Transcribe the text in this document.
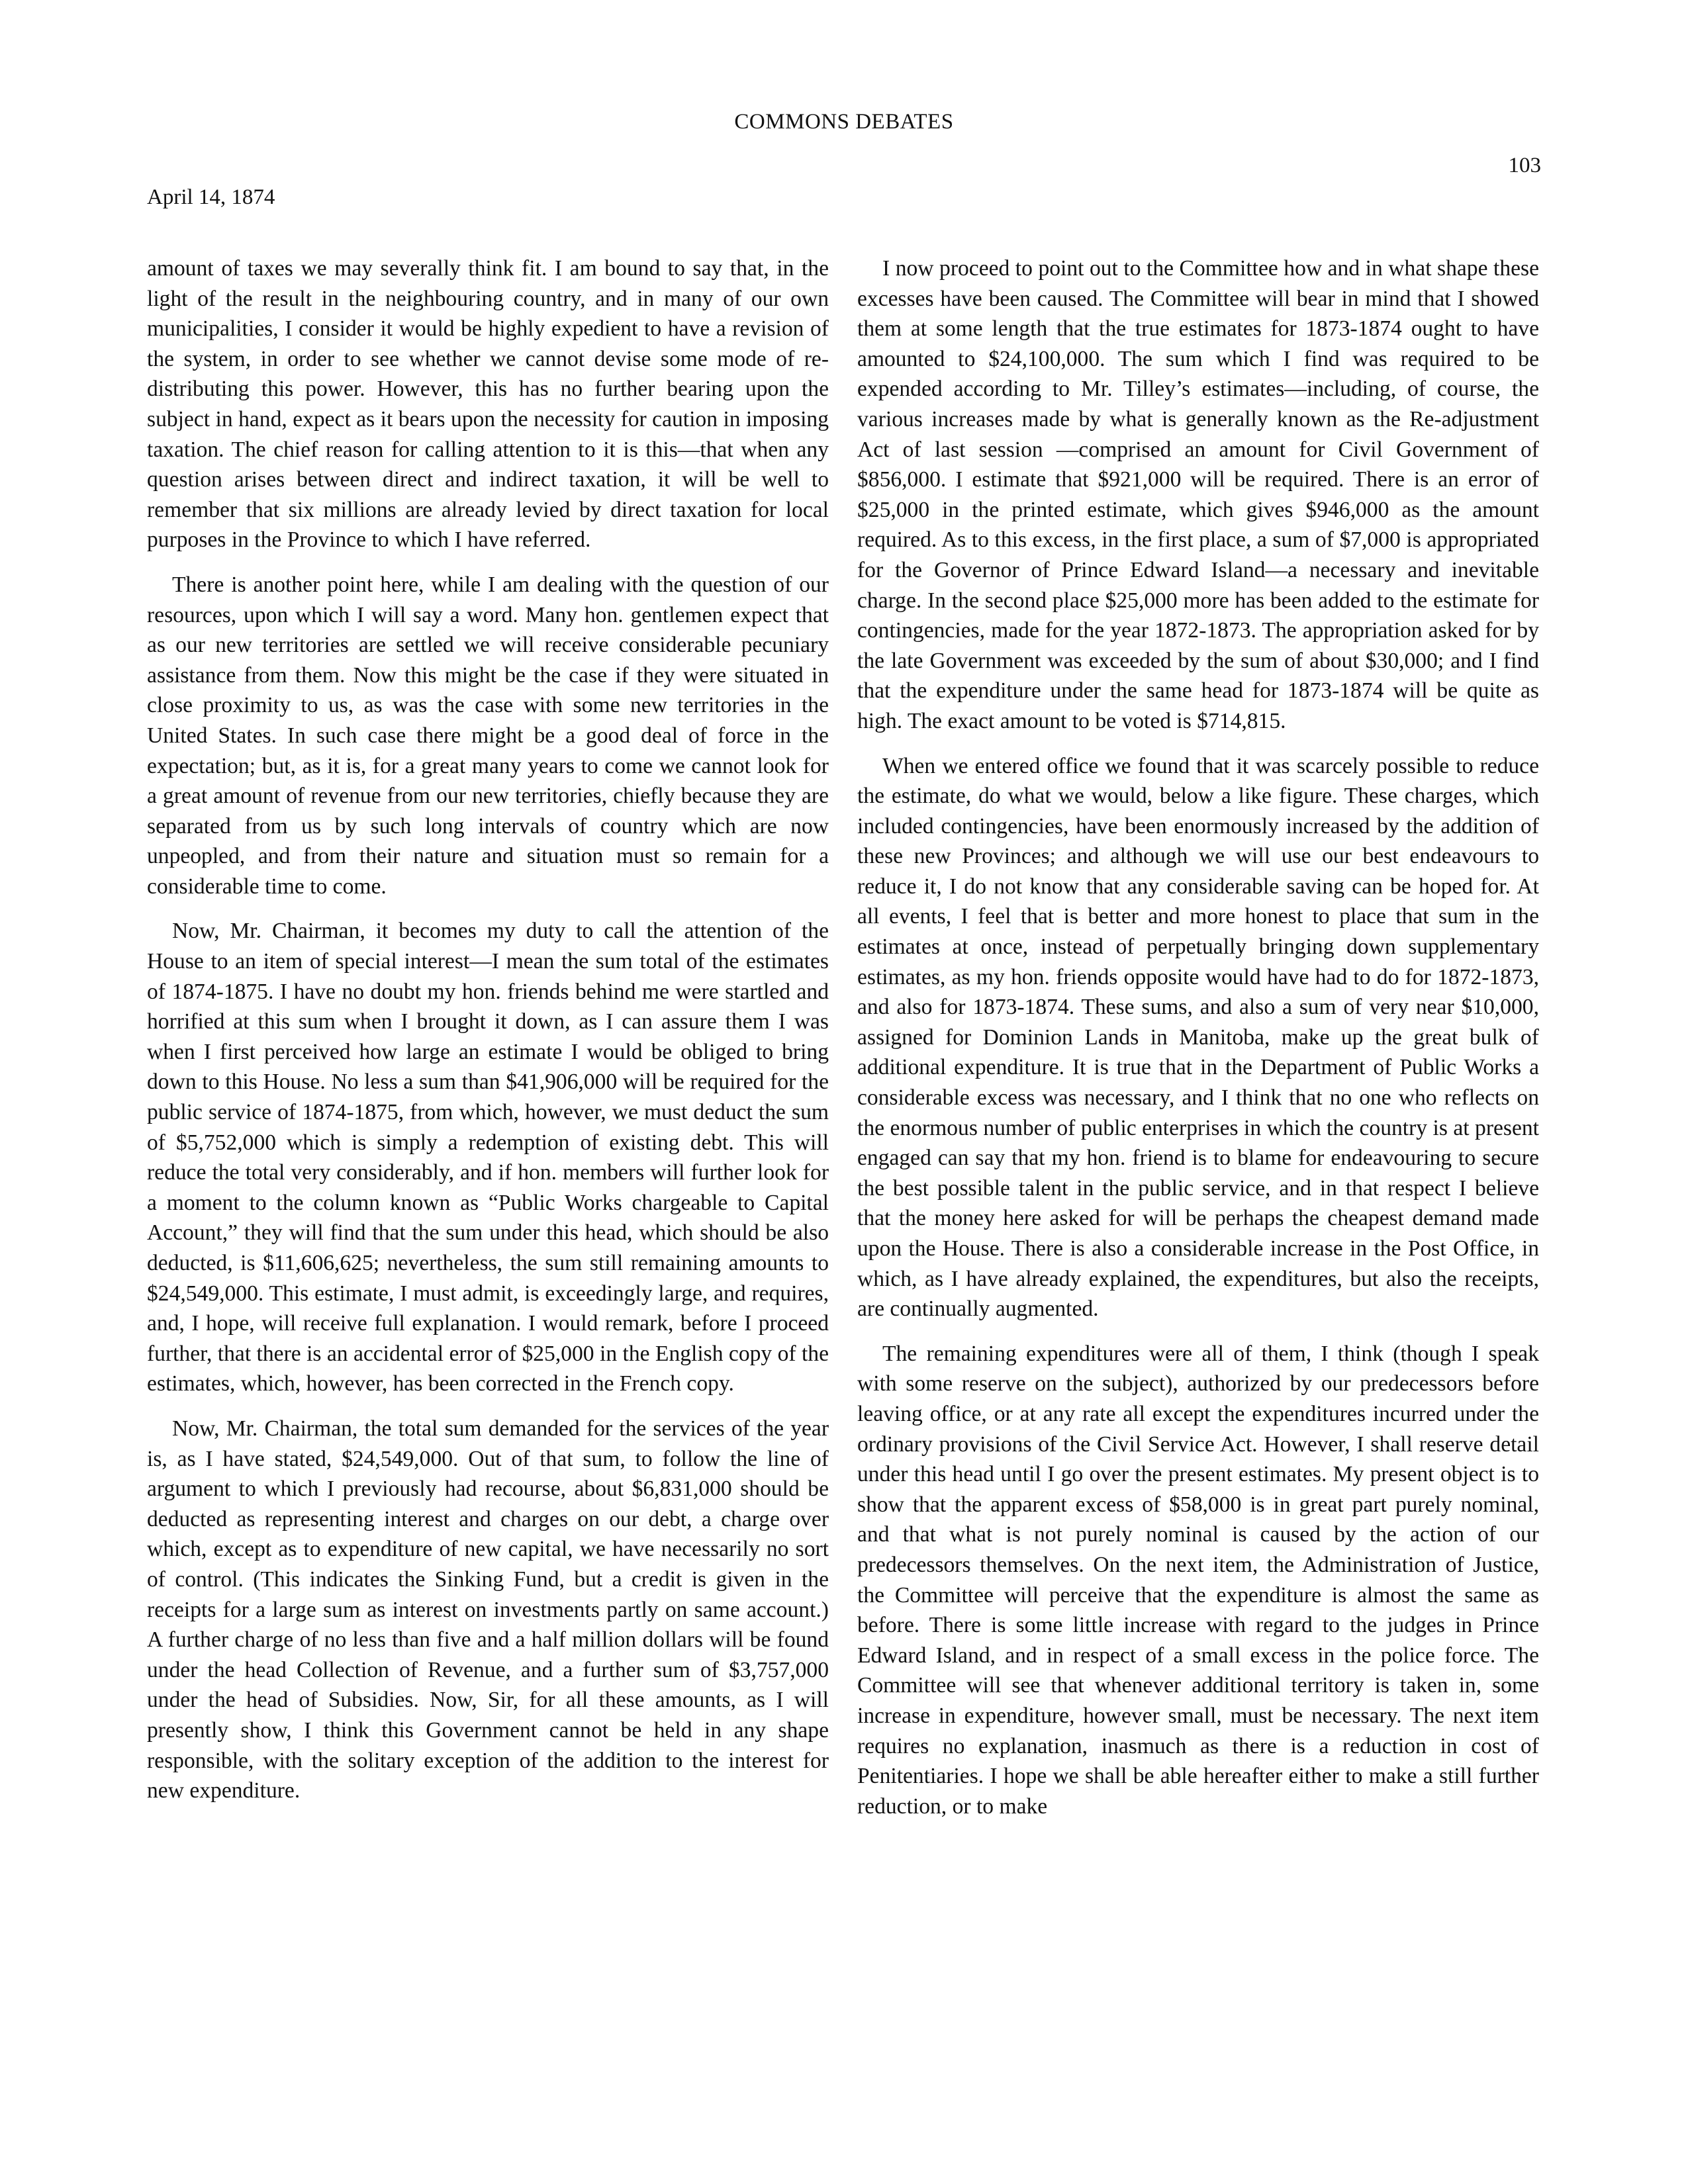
COMMONS DEBATES
103
April 14, 1874

amount of taxes we may severally think fit. I am bound to say that, in the light of the result in the neighbouring country, and in many of our own municipalities, I consider it would be highly expedient to have a revision of the system, in order to see whether we cannot devise some mode of re-distributing this power. However, this has no further bearing upon the subject in hand, expect as it bears upon the necessity for caution in imposing taxation. The chief reason for calling attention to it is this—that when any question arises between direct and indirect taxation, it will be well to remember that six millions are already levied by direct taxation for local purposes in the Province to which I have referred.

There is another point here, while I am dealing with the question of our resources, upon which I will say a word. Many hon. gentlemen expect that as our new territories are settled we will receive considerable pecuniary assistance from them. Now this might be the case if they were situated in close proximity to us, as was the case with some new territories in the United States. In such case there might be a good deal of force in the expectation; but, as it is, for a great many years to come we cannot look for a great amount of revenue from our new territories, chiefly because they are separated from us by such long intervals of country which are now unpeopled, and from their nature and situation must so remain for a considerable time to come.

Now, Mr. Chairman, it becomes my duty to call the attention of the House to an item of special interest—I mean the sum total of the estimates of 1874-1875. I have no doubt my hon. friends behind me were startled and horrified at this sum when I brought it down, as I can assure them I was when I first perceived how large an estimate I would be obliged to bring down to this House. No less a sum than $41,906,000 will be required for the public service of 1874-1875, from which, however, we must deduct the sum of $5,752,000 which is simply a redemption of existing debt. This will reduce the total very considerably, and if hon. members will further look for a moment to the column known as “Public Works chargeable to Capital Account,” they will find that the sum under this head, which should be also deducted, is $11,606,625; nevertheless, the sum still remaining amounts to $24,549,000. This estimate, I must admit, is exceedingly large, and requires, and, I hope, will receive full explanation. I would remark, before I proceed further, that there is an accidental error of $25,000 in the English copy of the estimates, which, however, has been corrected in the French copy.

Now, Mr. Chairman, the total sum demanded for the services of the year is, as I have stated, $24,549,000. Out of that sum, to follow the line of argument to which I previously had recourse, about $6,831,000 should be deducted as representing interest and charges on our debt, a charge over which, except as to expenditure of new capital, we have necessarily no sort of control. (This indicates the Sinking Fund, but a credit is given in the receipts for a large sum as interest on investments partly on same account.) A further charge of no less than five and a half million dollars will be found under the head Collection of Revenue, and a further sum of $3,757,000 under the head of Subsidies. Now, Sir, for all these amounts, as I will presently show, I think this Government cannot be held in any shape responsible, with the solitary exception of the addition to the interest for new expenditure.

I now proceed to point out to the Committee how and in what shape these excesses have been caused. The Committee will bear in mind that I showed them at some length that the true estimates for 1873-1874 ought to have amounted to $24,100,000. The sum which I find was required to be expended according to Mr. Tilley’s estimates—including, of course, the various increases made by what is generally known as the Re-adjustment Act of last session —comprised an amount for Civil Government of $856,000. I estimate that $921,000 will be required. There is an error of $25,000 in the printed estimate, which gives $946,000 as the amount required. As to this excess, in the first place, a sum of $7,000 is appropriated for the Governor of Prince Edward Island—a necessary and inevitable charge. In the second place $25,000 more has been added to the estimate for contingencies, made for the year 1872-1873. The appropriation asked for by the late Government was exceeded by the sum of about $30,000; and I find that the expenditure under the same head for 1873-1874 will be quite as high. The exact amount to be voted is $714,815.

When we entered office we found that it was scarcely possible to reduce the estimate, do what we would, below a like figure. These charges, which included contingencies, have been enormously increased by the addition of these new Provinces; and although we will use our best endeavours to reduce it, I do not know that any considerable saving can be hoped for. At all events, I feel that is better and more honest to place that sum in the estimates at once, instead of perpetually bringing down supplementary estimates, as my hon. friends opposite would have had to do for 1872-1873, and also for 1873-1874. These sums, and also a sum of very near $10,000, assigned for Dominion Lands in Manitoba, make up the great bulk of additional expenditure. It is true that in the Department of Public Works a considerable excess was necessary, and I think that no one who reflects on the enormous number of public enterprises in which the country is at present engaged can say that my hon. friend is to blame for endeavouring to secure the best possible talent in the public service, and in that respect I believe that the money here asked for will be perhaps the cheapest demand made upon the House. There is also a considerable increase in the Post Office, in which, as I have already explained, the expenditures, but also the receipts, are continually augmented.

The remaining expenditures were all of them, I think (though I speak with some reserve on the subject), authorized by our predecessors before leaving office, or at any rate all except the expenditures incurred under the ordinary provisions of the Civil Service Act. However, I shall reserve detail under this head until I go over the present estimates. My present object is to show that the apparent excess of $58,000 is in great part purely nominal, and that what is not purely nominal is caused by the action of our predecessors themselves. On the next item, the Administration of Justice, the Committee will perceive that the expenditure is almost the same as before. There is some little increase with regard to the judges in Prince Edward Island, and in respect of a small excess in the police force. The Committee will see that whenever additional territory is taken in, some increase in expenditure, however small, must be necessary. The next item requires no explanation, inasmuch as there is a reduction in cost of Penitentiaries. I hope we shall be able hereafter either to make a still further reduction, or to make
